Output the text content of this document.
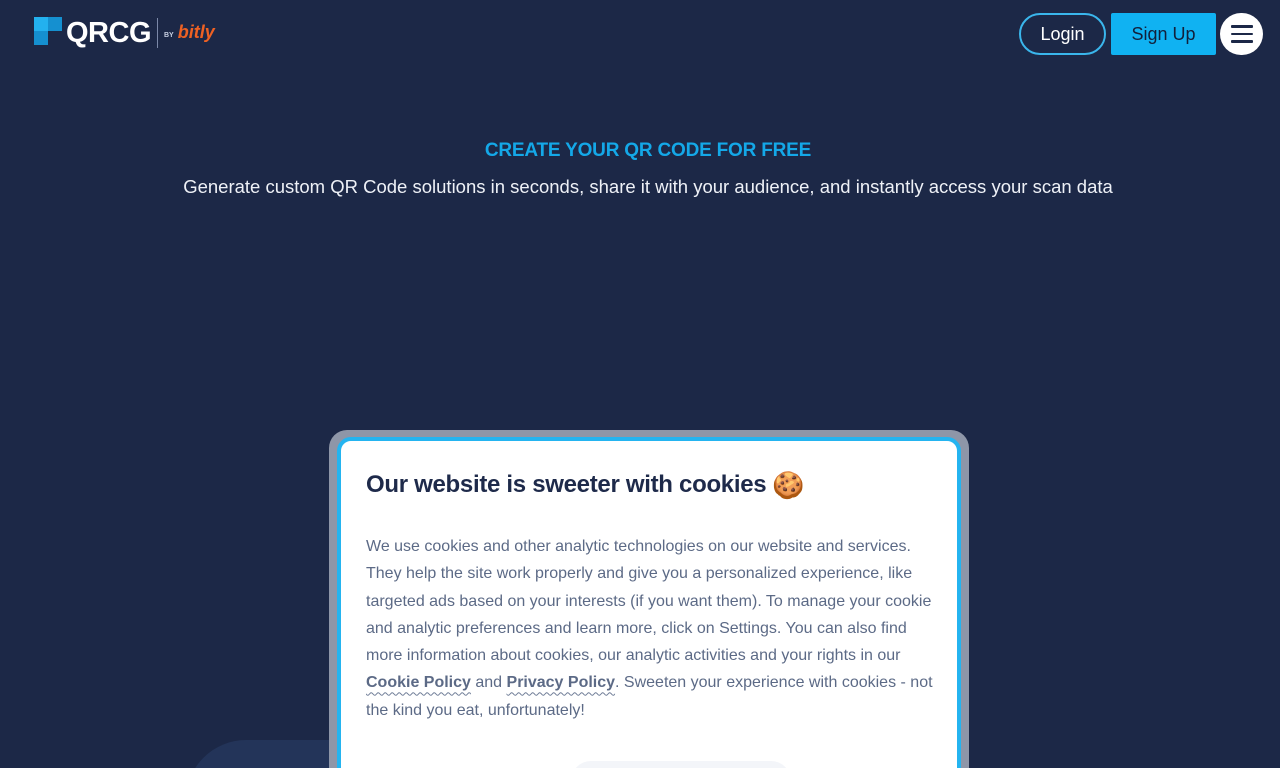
QRCG BY bitly	Login	Sign Up
CREATE YOUR QR CODE FOR FREE

Generate custom QR Code solutions in seconds, share it with your audience, and instantly access your scan data

Our website is sweeter with cookies 🍪

We use cookies and other analytic technologies on our website and services. They help the site work properly and give you a personalized experience, like targeted ads based on your interests (if you want them). To manage your cookie and analytic preferences and learn more, click on Settings. You can also find more information about cookies, our analytic activities and your rights in our Cookie Policy and Privacy Policy. Sweeten your experience with cookies - not the kind you eat, unfortunately!
